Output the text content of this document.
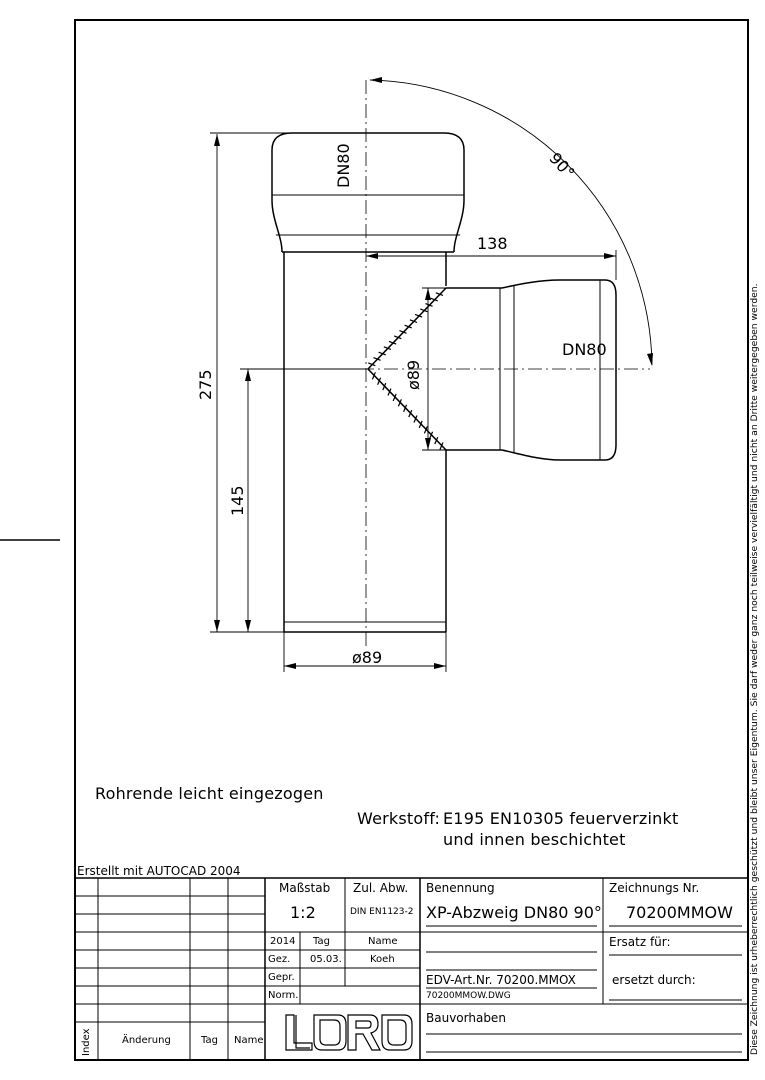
90°
138
275
145
ø89
ø89
DN80
DN80
Rohrende leicht eingezogen
Werkstoff: E195 EN10305 feuerverzinkt
und innen beschichtet
Erstellt mit AUTOCAD 2004	Diese Zeichnung ist urheberrechtlich geschützt und bleibt unser Eigentum. Sie darf weder ganz noch teilweise vervielfältigt und nicht an Dritte weitergegeben werden.
Maßstab
1:2
Zul. Abw.
DIN EN1123-2
Benennung
XP-Abzweig DN80 90°
Zeichnungs Nr.
70200MMOW
2014 Tag	Name
Gez. 05.03.	Koeh
Gepr.
Norm.
Ersatz für:
ersetzt durch:
EDV-Art.Nr. 70200.MMOX
70200MMOW.DWG
Bauvorhaben
Index	Änderung	Tag Name
